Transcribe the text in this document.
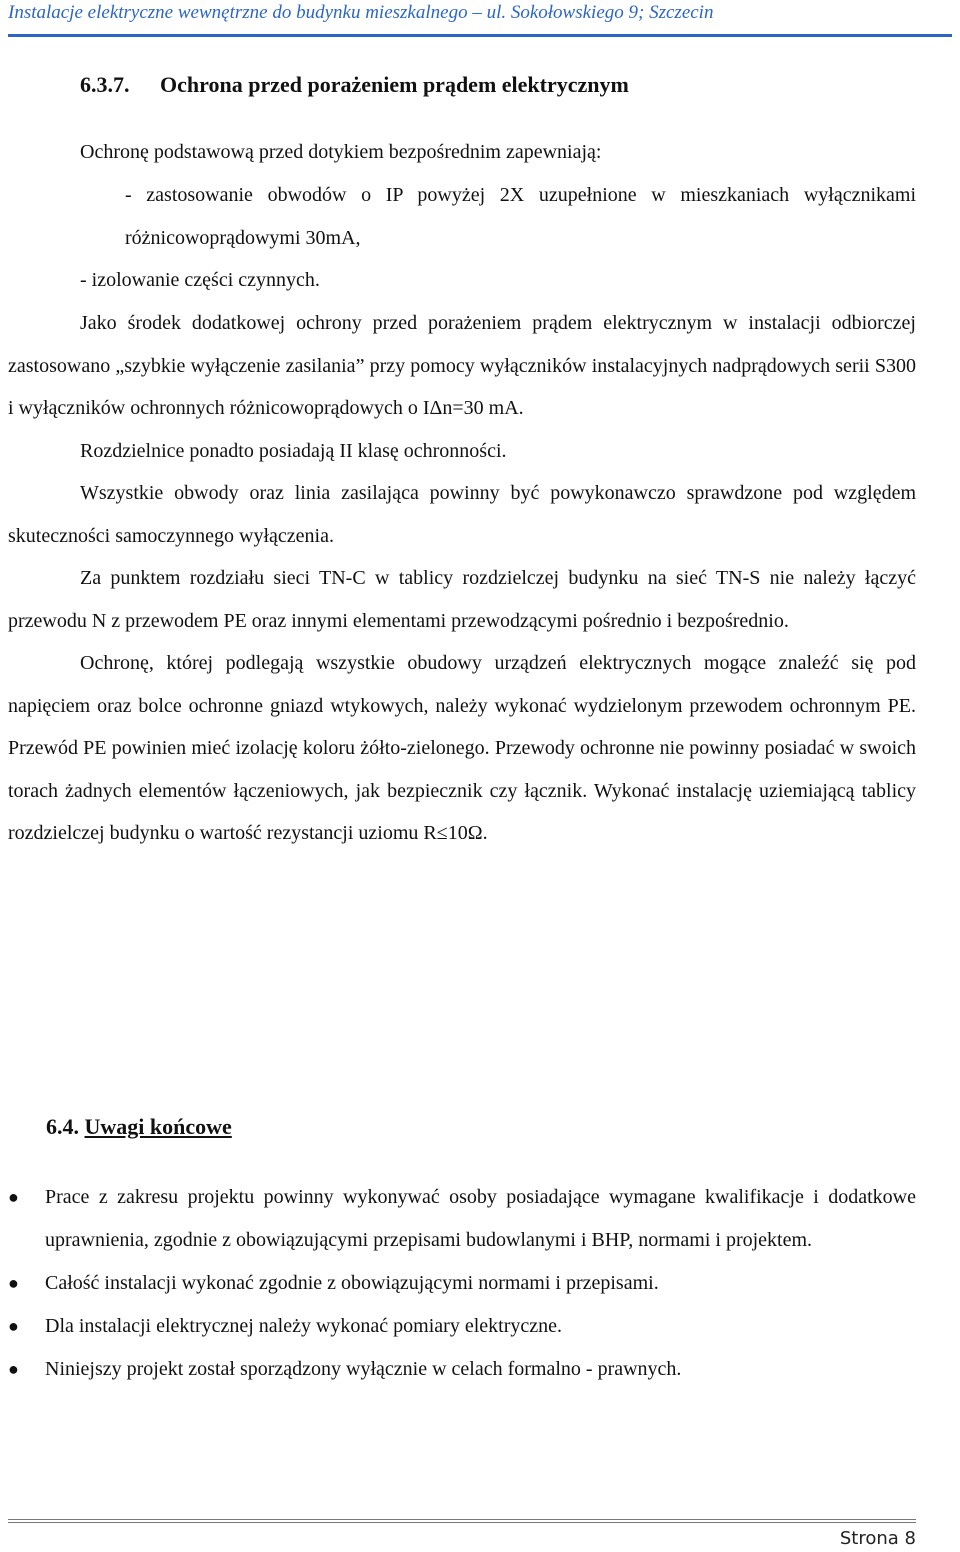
Instalacje elektryczne wewnętrzne do budynku mieszkalnego – ul. Sokołowskiego 9; Szczecin
6.3.7. Ochrona przed porażeniem prądem elektrycznym

Ochronę podstawową przed dotykiem bezpośrednim zapewniają:

- zastosowanie obwodów o IP powyżej 2X uzupełnione w mieszkaniach wyłącznikami różnicowoprądowymi 30mA,

- izolowanie części czynnych.

Jako środek dodatkowej ochrony przed porażeniem prądem elektrycznym w instalacji odbiorczej zastosowano „szybkie wyłączenie zasilania” przy pomocy wyłączników instalacyjnych nadprądowych serii S300 i wyłączników ochronnych różnicowoprądowych o IΔn=30 mA.

Rozdzielnice ponadto posiadają II klasę ochronności.

Wszystkie obwody oraz linia zasilająca powinny być powykonawczo sprawdzone pod względem skuteczności samoczynnego wyłączenia.

Za punktem rozdziału sieci TN-C w tablicy rozdzielczej budynku na sieć TN-S nie należy łączyć przewodu N z przewodem PE oraz innymi elementami przewodzącymi pośrednio i bezpośrednio.

Ochronę, której podlegają wszystkie obudowy urządzeń elektrycznych mogące znaleźć się pod napięciem oraz bolce ochronne gniazd wtykowych, należy wykonać wydzielonym przewodem ochronnym PE. Przewód PE powinien mieć izolację koloru żółto-zielonego. Przewody ochronne nie powinny posiadać w swoich torach żadnych elementów łączeniowych, jak bezpiecznik czy łącznik. Wykonać instalację uziemiającą tablicy rozdzielczej budynku o wartość rezystancji uziomu R≤10Ω.

6.4. Uwagi końcowe
●	Prace z zakresu projektu powinny wykonywać osoby posiadające wymagane kwalifikacje i dodatkowe uprawnienia, zgodnie z obowiązującymi przepisami budowlanymi i BHP, normami i projektem.
●	Całość instalacji wykonać zgodnie z obowiązującymi normami i przepisami.
●	Dla instalacji elektrycznej należy wykonać pomiary elektryczne.
●	Niniejszy projekt został sporządzony wyłącznie w celach formalno - prawnych.
Strona 8
